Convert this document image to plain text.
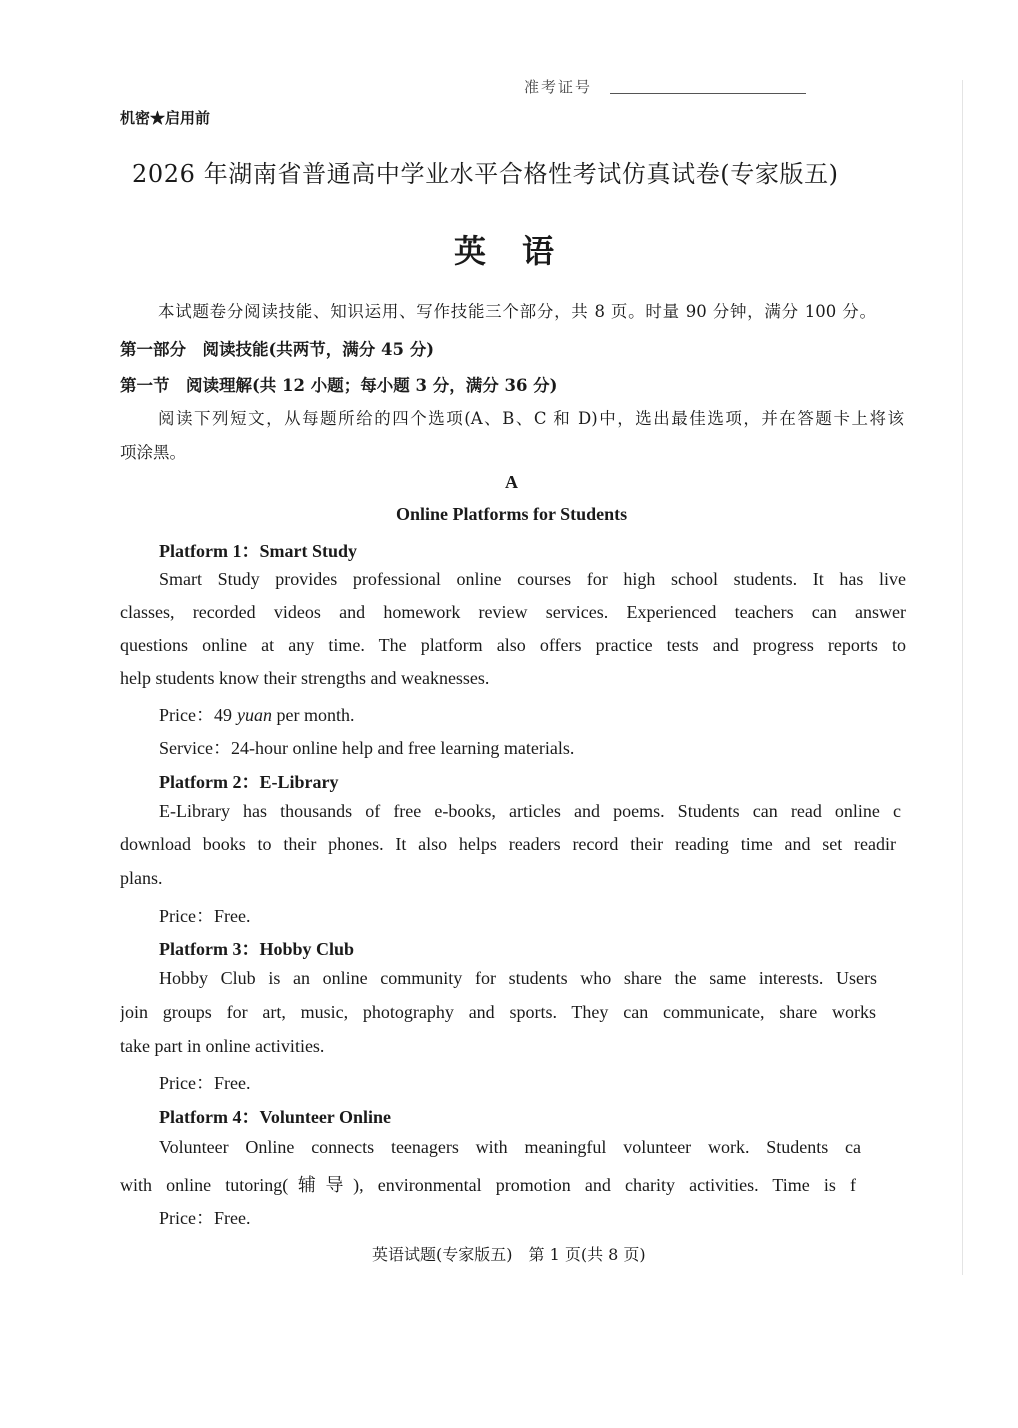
准考证号
机密★启用前
2026 年湖南省普通高中学业水平合格性考试仿真试卷(专家版五)
英语
本试题卷分阅读技能、知识运用、写作技能三个部分，共 8 页。时量 90 分钟，满分 100 分。
第一部分　阅读技能(共两节，满分 45 分)
第一节　阅读理解(共 12 小题；每小题 3 分，满分 36 分)
阅读下列短文，从每题所给的四个选项(A、B、C 和 D)中，选出最佳选项，并在答题卡上将该
项涂黑。
A
Online Platforms for Students
Platform 1：Smart Study
Smart Study provides professional online courses for high school students. It has live
classes, recorded videos and homework review services. Experienced teachers can answer
questions online at any time. The platform also offers practice tests and progress reports to
help students know their strengths and weaknesses.
Price：49 yuan per month.
Service：24-hour online help and free learning materials.
Platform 2：E-Library
E-Library has thousands of free e-books, articles and poems. Students can read online c
download books to their phones. It also helps readers record their reading time and set readir
plans.
Price：Free.
Platform 3：Hobby Club
Hobby Club is an online community for students who share the same interests. Users
join groups for art, music, photography and sports. They can communicate, share works
take part in online activities.
Price：Free.
Platform 4：Volunteer Online
Volunteer Online connects teenagers with meaningful volunteer work. Students ca
with online tutoring(辅导), environmental promotion and charity activities. Time is f
Price：Free.
英语试题(专家版五)　第 1 页(共 8 页)
